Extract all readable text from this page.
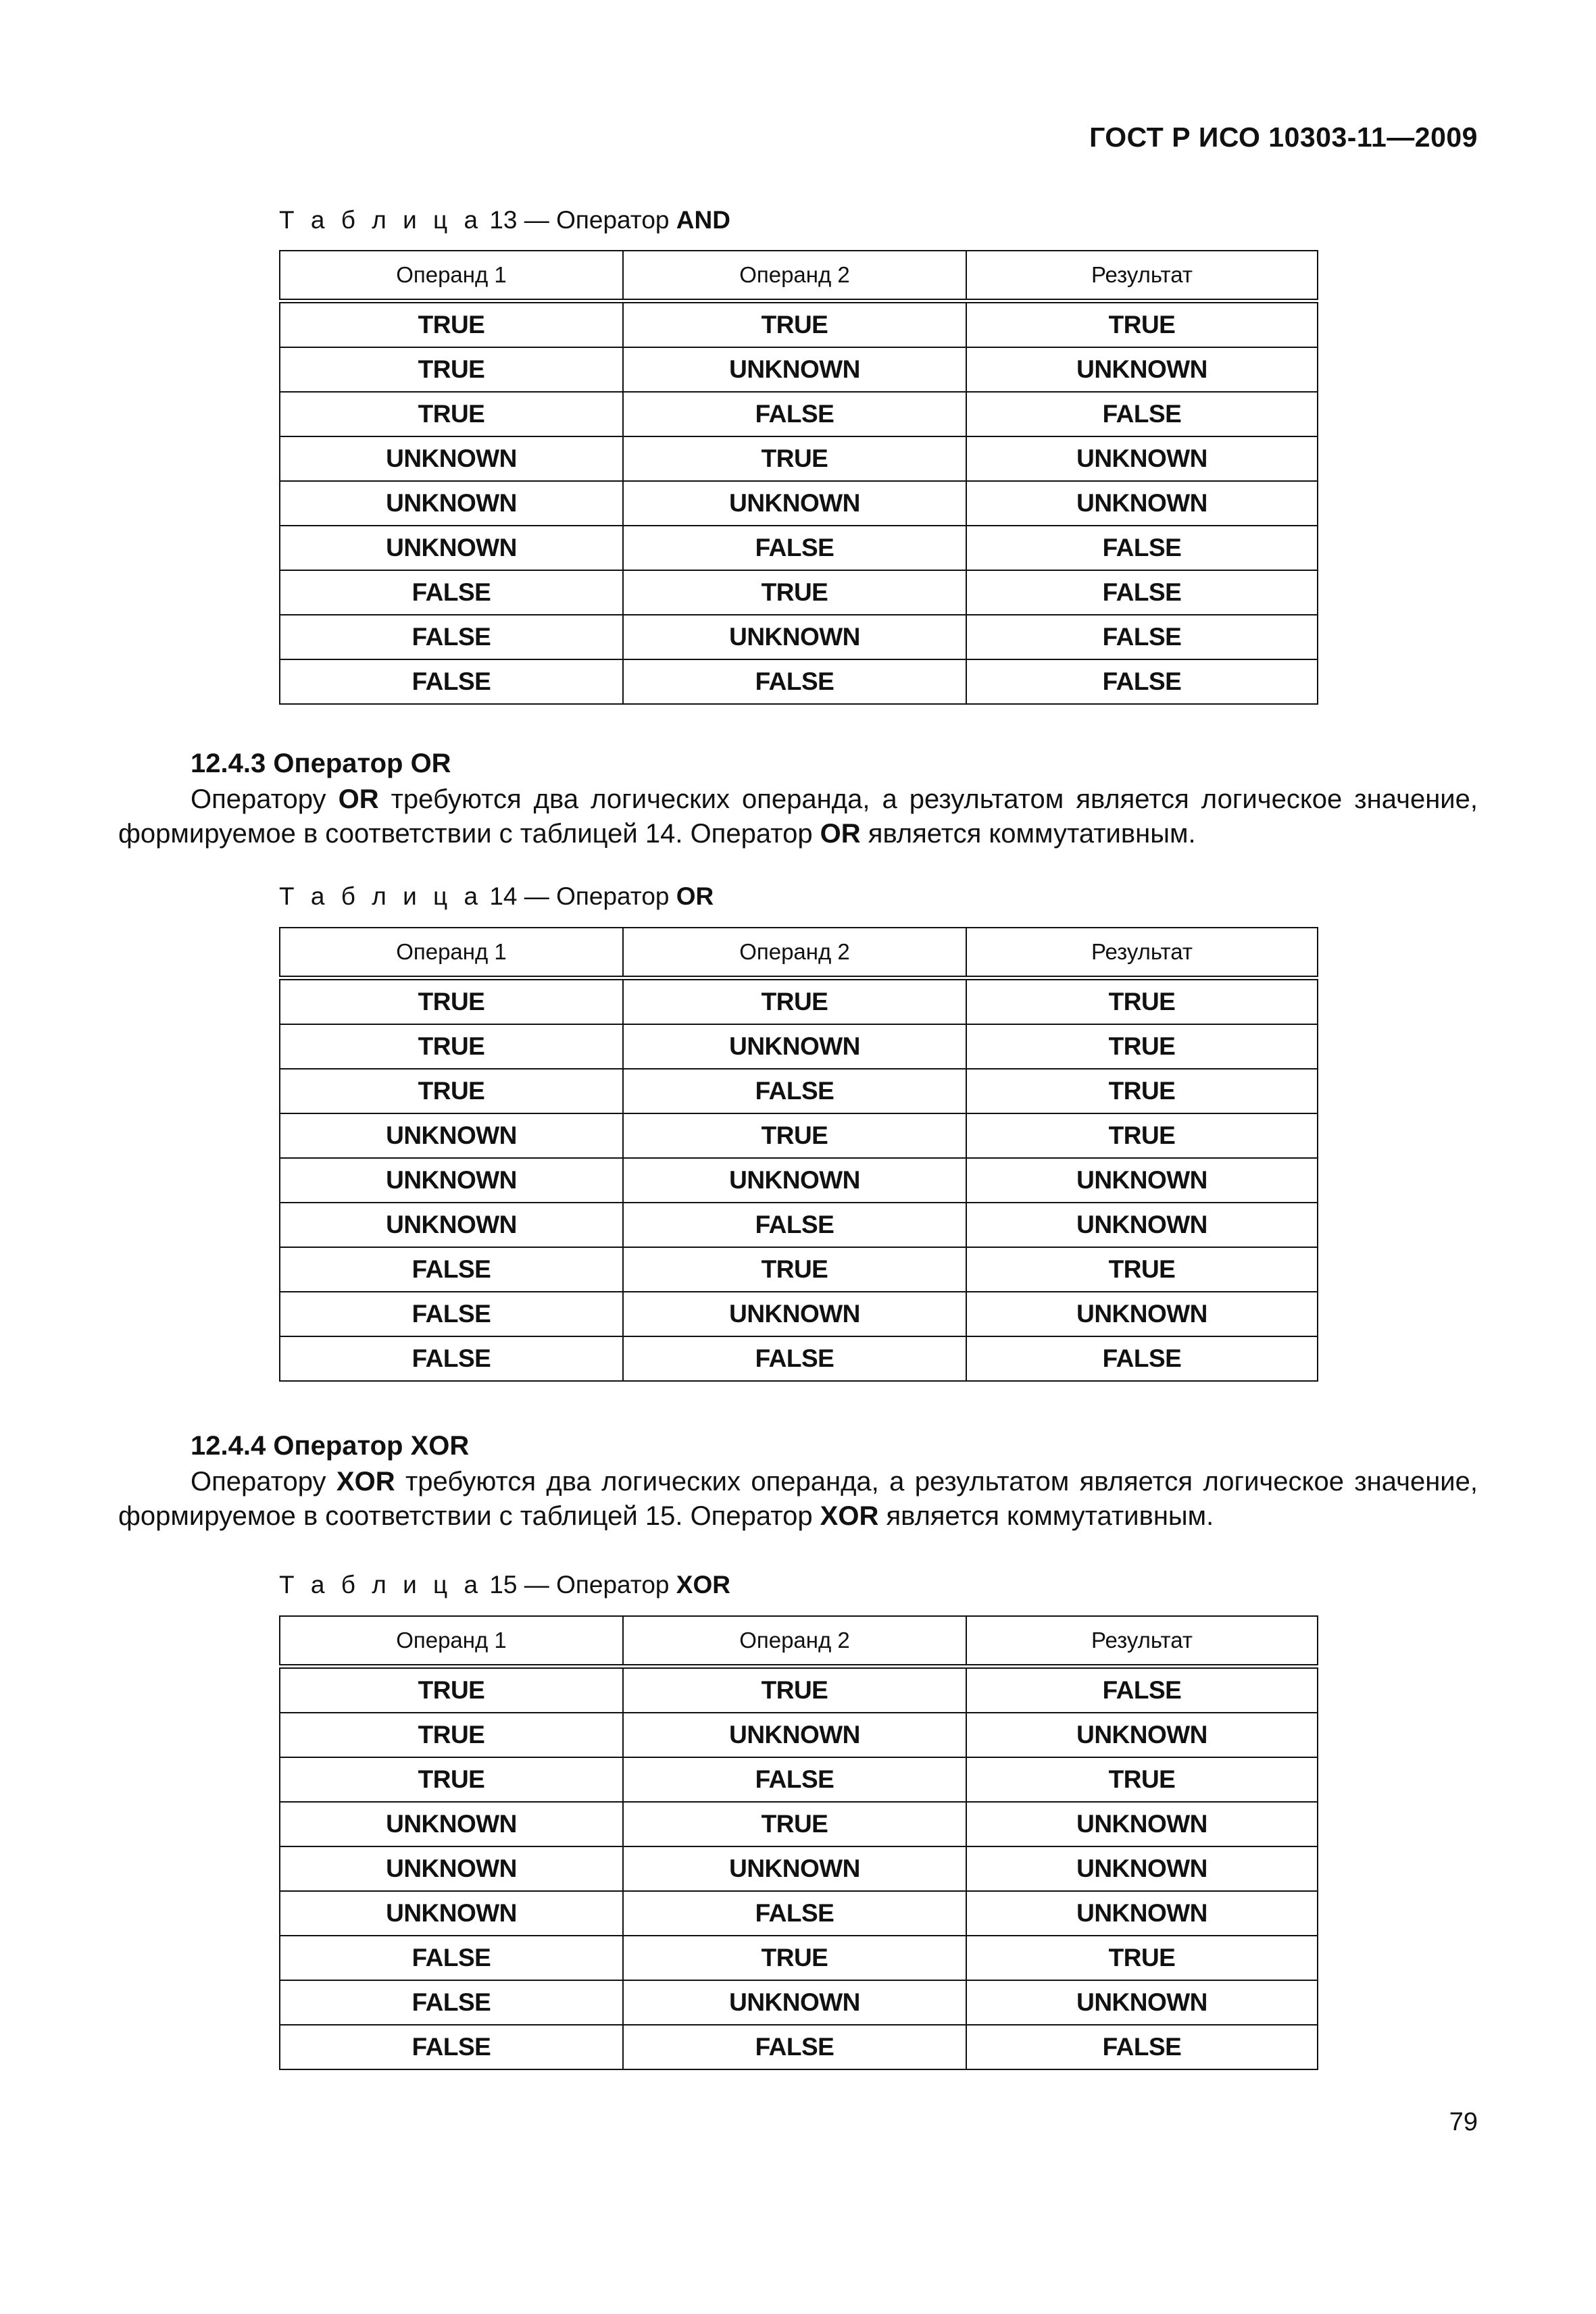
ГОСТ Р ИСО 10303-11—2009
Т а б л и ц а 13 — Оператор AND
Операнд 1	Операнд 2	Результат
TRUE	TRUE	TRUE
TRUE	UNKNOWN	UNKNOWN
TRUE	FALSE	FALSE
UNKNOWN	TRUE	UNKNOWN
UNKNOWN	UNKNOWN	UNKNOWN
UNKNOWN	FALSE	FALSE
FALSE	TRUE	FALSE
FALSE	UNKNOWN	FALSE
FALSE	FALSE	FALSE
12.4.3 Оператор OR
Оператору OR требуются два логических операнда, а результатом является логическое значение, формируемое в соответствии с таблицей 14. Оператор OR является коммутативным.
Т а б л и ц а 14 — Оператор OR
Операнд 1	Операнд 2	Результат
TRUE	TRUE	TRUE
TRUE	UNKNOWN	TRUE
TRUE	FALSE	TRUE
UNKNOWN	TRUE	TRUE
UNKNOWN	UNKNOWN	UNKNOWN
UNKNOWN	FALSE	UNKNOWN
FALSE	TRUE	TRUE
FALSE	UNKNOWN	UNKNOWN
FALSE	FALSE	FALSE
12.4.4 Оператор XOR
Оператору XOR требуются два логических операнда, а результатом является логическое значение, формируемое в соответствии с таблицей 15. Оператор XOR является коммутативным.
Т а б л и ц а 15 — Оператор XOR
Операнд 1	Операнд 2	Результат
TRUE	TRUE	FALSE
TRUE	UNKNOWN	UNKNOWN
TRUE	FALSE	TRUE
UNKNOWN	TRUE	UNKNOWN
UNKNOWN	UNKNOWN	UNKNOWN
UNKNOWN	FALSE	UNKNOWN
FALSE	TRUE	TRUE
FALSE	UNKNOWN	UNKNOWN
FALSE	FALSE	FALSE
79
